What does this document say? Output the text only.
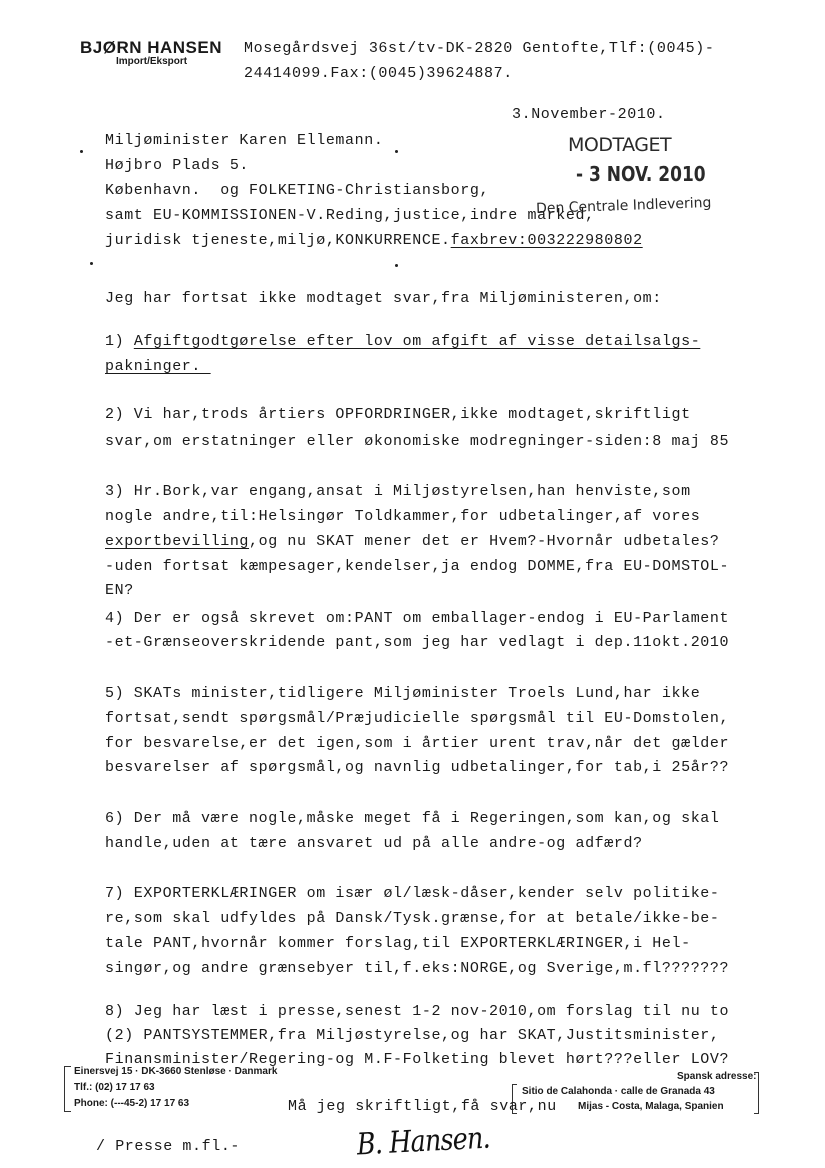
BJØRN HANSEN
Import/Eksport
Mosegårdsvej 36st/tv-DK-2820 Gentofte,Tlf:(0045)-
24414099.Fax:(0045)39624887.
3.November-2010.
MODTAGET
- 3 NOV. 2010
Den Centrale Indlevering
Miljøminister Karen Ellemann.
Højbro Plads 5.
København.  og FOLKETING-Christiansborg,
samt EU-KOMMISSIONEN-V.Reding,justice,indre marked,
juridisk tjeneste,miljø,KONKURRENCE.faxbrev:003222980802
Jeg har fortsat ikke modtaget svar,fra Miljøministeren,om:
1) Afgiftgodtgørelse efter lov om afgift af visse detailsalgs-
pakninger.
2) Vi har,trods årtiers OPFORDRINGER,ikke modtaget,skriftligt
svar,om erstatninger eller økonomiske modregninger-siden:8 maj 85
3) Hr.Bork,var engang,ansat i Miljøstyrelsen,han henviste,som
nogle andre,til:Helsingør Toldkammer,for udbetalinger,af vores
exportbevilling,og nu SKAT mener det er Hvem?-Hvornår udbetales?
-uden fortsat kæmpesager,kendelser,ja endog DOMME,fra EU-DOMSTOL-
EN?
4) Der er også skrevet om:PANT om emballager-endog i EU-Parlament
-et-Grænseoverskridende pant,som jeg har vedlagt i dep.11okt.2010
5) SKATs minister,tidligere Miljøminister Troels Lund,har ikke
fortsat,sendt spørgsmål/Præjudicielle spørgsmål til EU-Domstolen,
for besvarelse,er det igen,som i årtier urent trav,når det gælder
besvarelser af spørgsmål,og navnlig udbetalinger,for tab,i 25år??
6) Der må være nogle,måske meget få i Regeringen,som kan,og skal
handle,uden at tære ansvaret ud på alle andre-og adfærd?
7) EXPORTERKLÆRINGER om især øl/læsk-dåser,kender selv politike-
re,som skal udfyldes på Dansk/Tysk.grænse,for at betale/ikke-be-
tale PANT,hvornår kommer forslag,til EXPORTERKLÆRINGER,i Hel-
singør,og andre grænsebyer til,f.eks:NORGE,og Sverige,m.fl???????
8) Jeg har læst i presse,senest 1-2 nov-2010,om forslag til nu to
(2) PANTSYSTEMMER,fra Miljøstyrelse,og har SKAT,Justitsminister,
Finansminister/Regering-og M.F-Folketing blevet hørt???eller LOV?
Einersvej 15 · DK-3660 Stenløse · Danmark
Tlf.: (02) 17 17 63
Phone: (---45-2) 17 17 63
Spansk adresse:
Sitio de Calahonda · calle de Granada 43
Mijas - Costa, Malaga, Spanien
Må jeg skriftligt,få svar,nu
/ Presse m.fl.-	B. Hansen.
